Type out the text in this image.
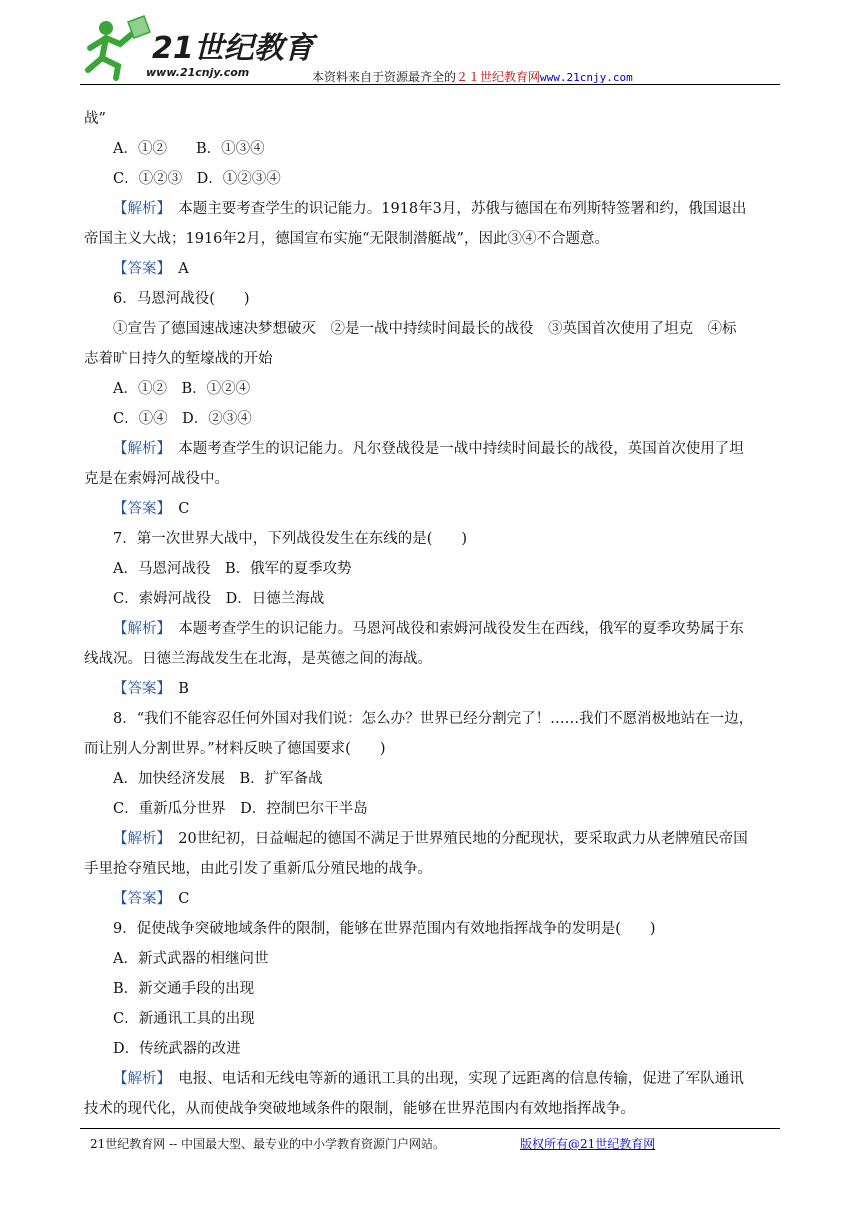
21世纪教育
www.21cnjy.com	本资料来自于资源最齐全的２１世纪教育网www.21cnjy.com
战”
A．①②　　B．①③④
C．①②③　D．①②③④
【解析】　本题主要考查学生的识记能力。1918年3月，苏俄与德国在布列斯特签署和约，俄国退出
帝国主义大战；1916年2月，德国宣布实施“无限制潜艇战”，因此③④不合题意。
【答案】　A
6．马恩河战役(　　)
①宣告了德国速战速决梦想破灭　②是一战中持续时间最长的战役　③英国首次使用了坦克　④标
志着旷日持久的堑壕战的开始
A．①②　B．①②④
C．①④　D．②③④
【解析】　本题考查学生的识记能力。凡尔登战役是一战中持续时间最长的战役，英国首次使用了坦
克是在索姆河战役中。
【答案】　C
7．第一次世界大战中，下列战役发生在东线的是(　　)
A．马恩河战役　B．俄军的夏季攻势
C．索姆河战役　D．日德兰海战
【解析】　本题考查学生的识记能力。马恩河战役和索姆河战役发生在西线，俄军的夏季攻势属于东
线战况。日德兰海战发生在北海，是英德之间的海战。
【答案】　B
8．“我们不能容忍任何外国对我们说：怎么办？世界已经分割完了！……我们不愿消极地站在一边，
而让别人分割世界。”材料反映了德国要求(　　)
A．加快经济发展　B．扩军备战
C．重新瓜分世界　D．控制巴尔干半岛
【解析】　20世纪初，日益崛起的德国不满足于世界殖民地的分配现状，要采取武力从老牌殖民帝国
手里抢夺殖民地，由此引发了重新瓜分殖民地的战争。
【答案】　C
9．促使战争突破地域条件的限制，能够在世界范围内有效地指挥战争的发明是(　　)
A．新式武器的相继问世
B．新交通手段的出现
C．新通讯工具的出现
D．传统武器的改进
【解析】　电报、电话和无线电等新的通讯工具的出现，实现了远距离的信息传输，促进了军队通讯
技术的现代化，从而使战争突破地域条件的限制，能够在世界范围内有效地指挥战争。
21世纪教育网 -- 中国最大型、最专业的中小学教育资源门户网站。	版权所有@21世纪教育网
